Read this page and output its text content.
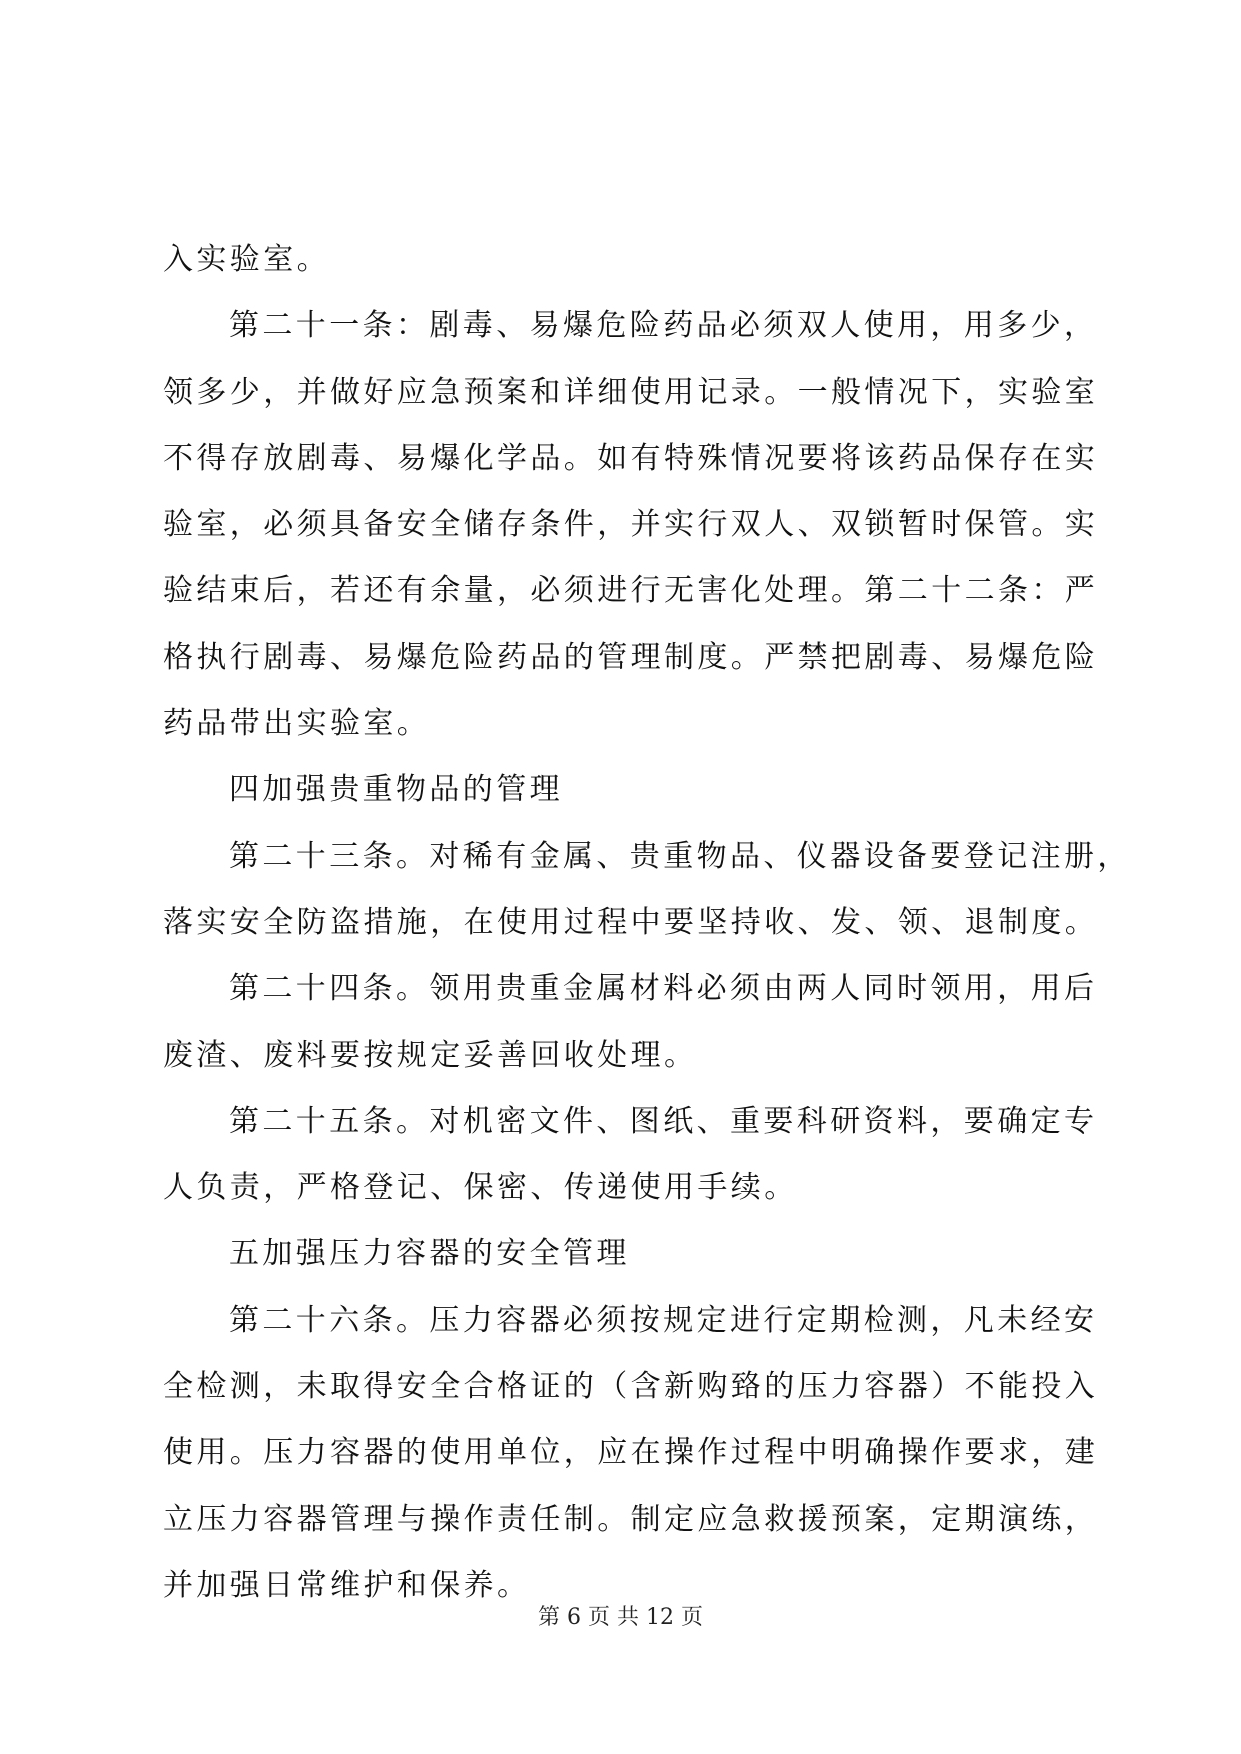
入实验室。
第二十一条：剧毒、易爆危险药品必须双人使用，用多少，
领多少，并做好应急预案和详细使用记录。一般情况下，实验室
不得存放剧毒、易爆化学品。如有特殊情况要将该药品保存在实
验室，必须具备安全储存条件，并实行双人、双锁暂时保管。实
验结束后，若还有余量，必须进行无害化处理。第二十二条：严
格执行剧毒、易爆危险药品的管理制度。严禁把剧毒、易爆危险
药品带出实验室。
四加强贵重物品的管理
第二十三条。对稀有金属、贵重物品、仪器设备要登记注册，
落实安全防盗措施，在使用过程中要坚持收、发、领、退制度。
第二十四条。领用贵重金属材料必须由两人同时领用，用后
废渣、废料要按规定妥善回收处理。
第二十五条。对机密文件、图纸、重要科研资料，要确定专
人负责，严格登记、保密、传递使用手续。
五加强压力容器的安全管理
第二十六条。压力容器必须按规定进行定期检测，凡未经安
全检测，未取得安全合格证的（含新购臵的压力容器）不能投入
使用。压力容器的使用单位，应在操作过程中明确操作要求，建
立压力容器管理与操作责任制。制定应急救援预案，定期演练，
并加强日常维护和保养。
第 6 页 共 12 页
